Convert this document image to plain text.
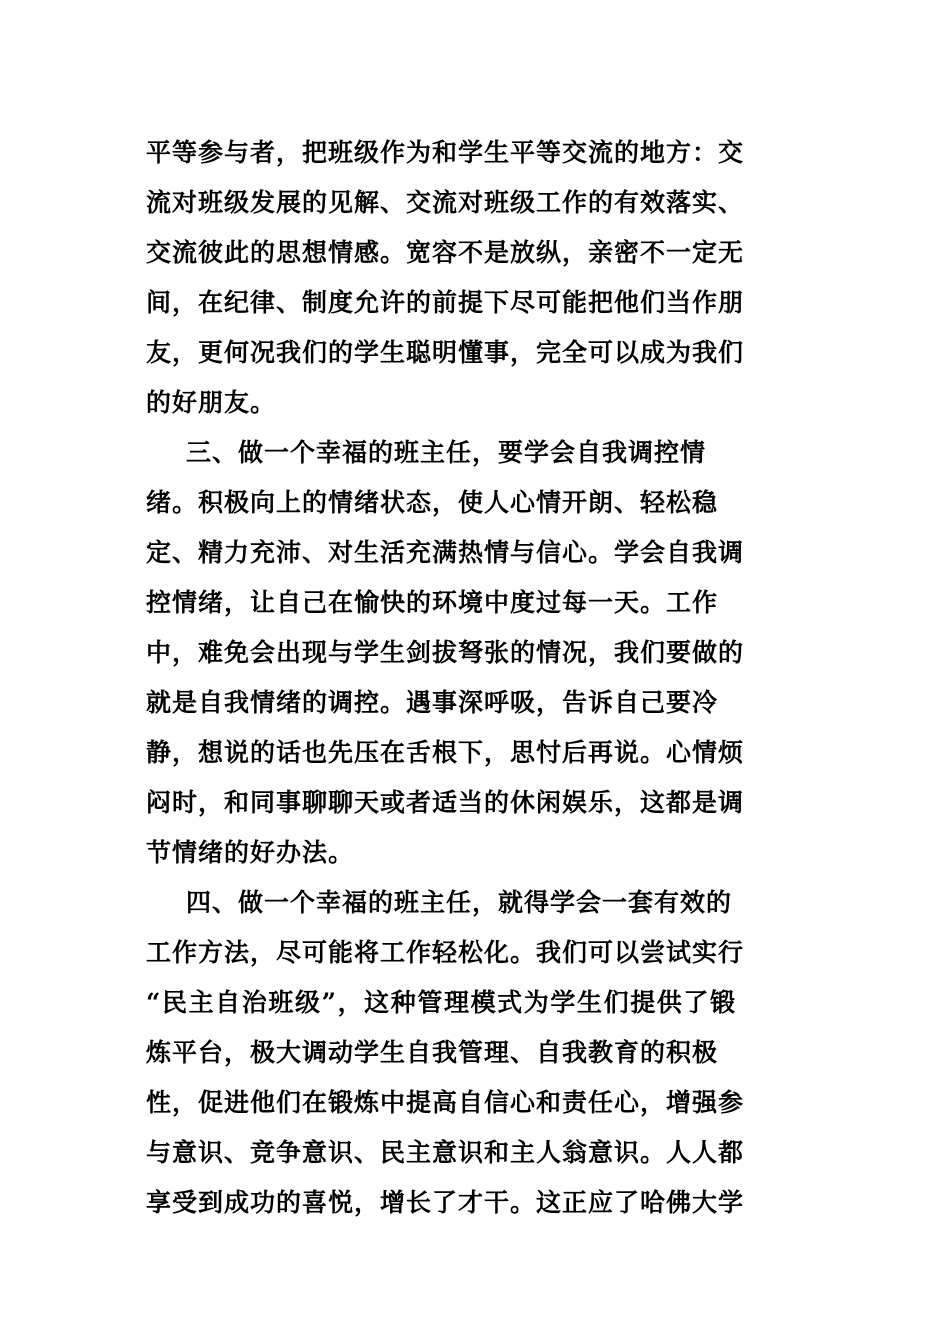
平等参与者，把班级作为和学生平等交流的地方：交
流对班级发展的见解、交流对班级工作的有效落实、
交流彼此的思想情感。宽容不是放纵，亲密不一定无
间，在纪律、制度允许的前提下尽可能把他们当作朋
友，更何况我们的学生聪明懂事，完全可以成为我们
的好朋友。
三、做一个幸福的班主任，要学会自我调控情
绪。积极向上的情绪状态，使人心情开朗、轻松稳
定、精力充沛、对生活充满热情与信心。学会自我调
控情绪，让自己在愉快的环境中度过每一天。工作
中，难免会出现与学生剑拔弩张的情况，我们要做的
就是自我情绪的调控。遇事深呼吸，告诉自己要冷
静，想说的话也先压在舌根下，思忖后再说。心情烦
闷时，和同事聊聊天或者适当的休闲娱乐，这都是调
节情绪的好办法。
四、做一个幸福的班主任，就得学会一套有效的
工作方法，尽可能将工作轻松化。我们可以尝试实行
“民主自治班级”，这种管理模式为学生们提供了锻
炼平台，极大调动学生自我管理、自我教育的积极
性，促进他们在锻炼中提高自信心和责任心，增强参
与意识、竞争意识、民主意识和主人翁意识。人人都
享受到成功的喜悦，增长了才干。这正应了哈佛大学
